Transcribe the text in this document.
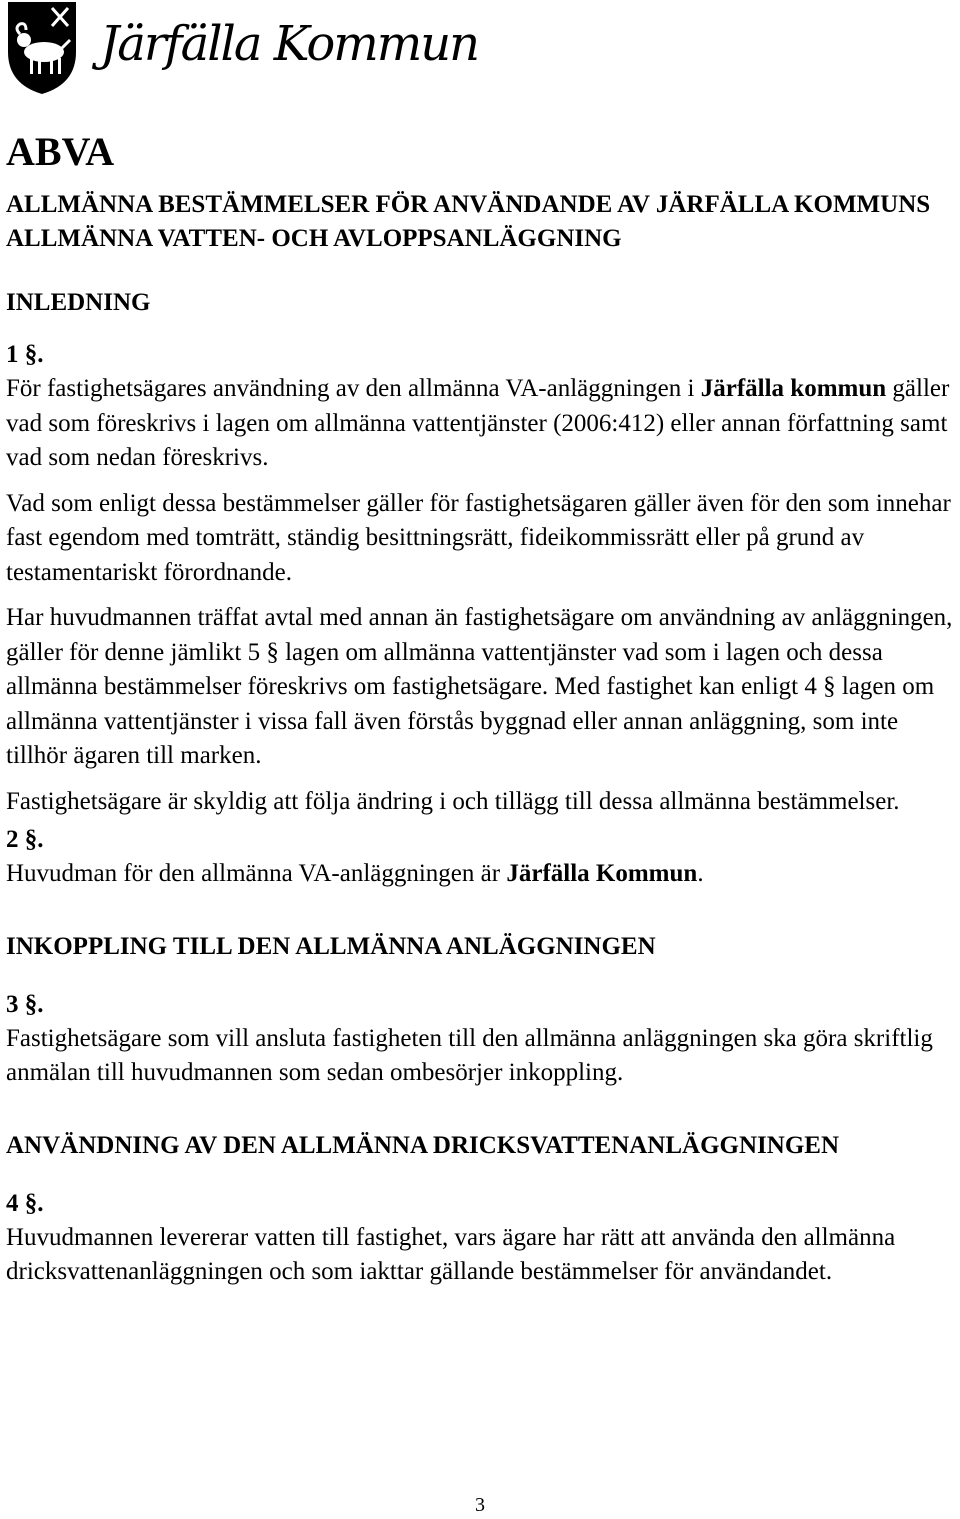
Järfälla Kommun
ABVA
ALLMÄNNA BESTÄMMELSER FÖR ANVÄNDANDE AV JÄRFÄLLA KOMMUNS ALLMÄNNA VATTEN- OCH AVLOPPSANLÄGGNING
INLEDNING
1 §.

För fastighetsägares användning av den allmänna VA-anläggningen i Järfälla kommun gäller vad som föreskrivs i lagen om allmänna vattentjänster (2006:412) eller annan författning samt vad som nedan föreskrivs.

Vad som enligt dessa bestämmelser gäller för fastighetsägaren gäller även för den som innehar fast egendom med tomträtt, ständig besittningsrätt, fideikommissrätt eller på grund av testamentariskt förordnande.

Har huvudmannen träffat avtal med annan än fastighetsägare om användning av anläggningen, gäller för denne jämlikt 5 § lagen om allmänna vattentjänster vad som i lagen och dessa allmänna bestämmelser föreskrivs om fastighetsägare. Med fastighet kan enligt 4 § lagen om allmänna vattentjänster i vissa fall även förstås byggnad eller annan anläggning, som inte tillhör ägaren till marken.

Fastighetsägare är skyldig att följa ändring i och tillägg till dessa allmänna bestämmelser.

2 §.

Huvudman för den allmänna VA-anläggningen är Järfälla Kommun.

INKOPPLING TILL DEN ALLMÄNNA ANLÄGGNINGEN
3 §.

Fastighetsägare som vill ansluta fastigheten till den allmänna anläggningen ska göra skriftlig anmälan till huvudmannen som sedan ombesörjer inkoppling.

ANVÄNDNING AV DEN ALLMÄNNA DRICKSVATTENANLÄGGNINGEN
4 §.

Huvudmannen levererar vatten till fastighet, vars ägare har rätt att använda den allmänna dricksvattenanläggningen och som iakttar gällande bestämmelser för användandet.

3
